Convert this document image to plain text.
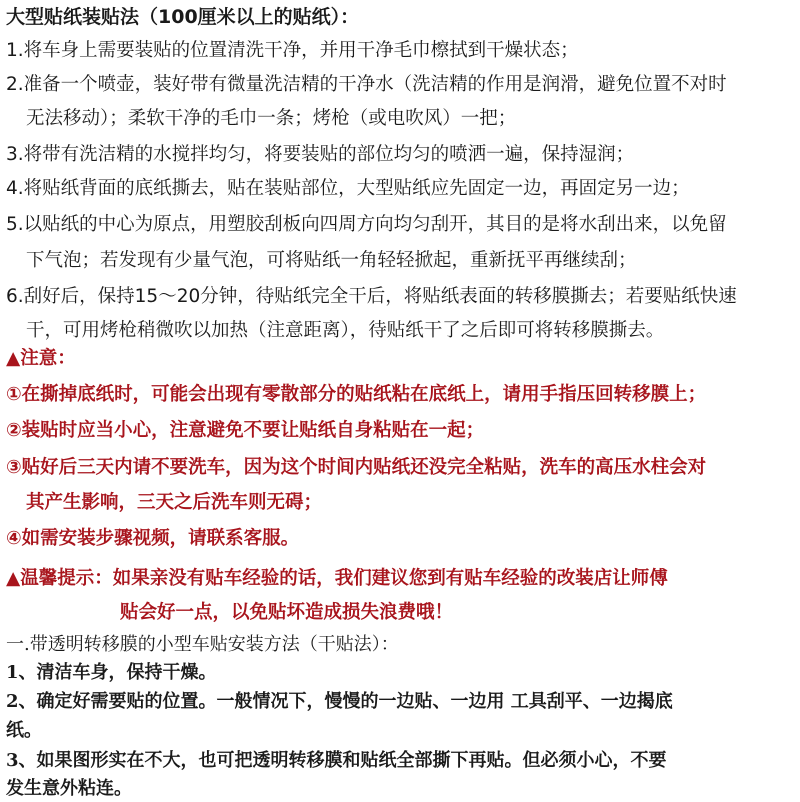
大型贴纸装贴法（100厘米以上的贴纸）：
1.将车身上需要装贴的位置清洗干净，并用干净毛巾檫拭到干燥状态；
2.准备一个喷壶，装好带有微量洗洁精的干净水（洗洁精的作用是润滑，避免位置不对时
无法移动）；柔软干净的毛巾一条；烤枪（或电吹风）一把；
3.将带有洗洁精的水搅拌均匀，将要装贴的部位均匀的喷洒一遍，保持湿润；
4.将贴纸背面的底纸撕去，贴在装贴部位，大型贴纸应先固定一边，再固定另一边；
5.以贴纸的中心为原点，用塑胶刮板向四周方向均匀刮开，其目的是将水刮出来，以免留
下气泡；若发现有少量气泡，可将贴纸一角轻轻掀起，重新抚平再继续刮；
6.刮好后，保持15～20分钟，待贴纸完全干后，将贴纸表面的转移膜撕去；若要贴纸快速
干，可用烤枪稍微吹以加热（注意距离），待贴纸干了之后即可将转移膜撕去。
▲注意：
①在撕掉底纸时，可能会出现有零散部分的贴纸粘在底纸上，请用手指压回转移膜上；
②装贴时应当小心，注意避免不要让贴纸自身粘贴在一起；
③贴好后三天内请不要洗车，因为这个时间内贴纸还没完全粘贴，洗车的高压水柱会对
其产生影响，三天之后洗车则无碍；
④如需安装步骤视频，请联系客服。
▲温馨提示：如果亲没有贴车经验的话，我们建议您到有贴车经验的改装店让师傅
贴会好一点，以免贴坏造成损失浪费哦！
一.带透明转移膜的小型车贴安装方法（干贴法）：
1、清洁车身，保持干燥。
2、确定好需要贴的位置。一般情况下，慢慢的一边贴、一边用 工具刮平、一边揭底
纸。
3、如果图形实在不大，也可把透明转移膜和贴纸全部撕下再贴。但必须小心，不要
发生意外粘连。
